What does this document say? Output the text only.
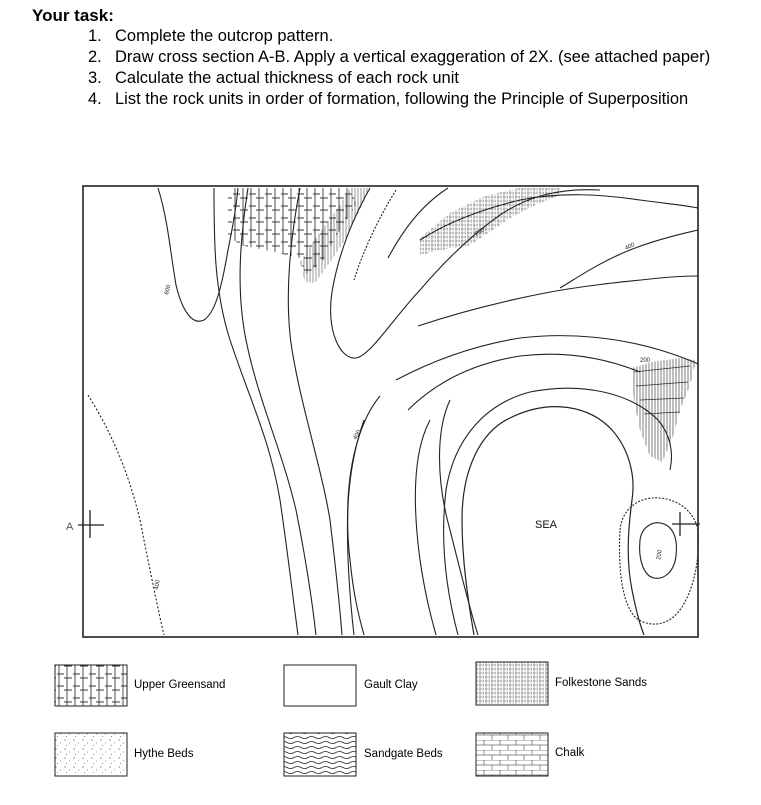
Your task:
1. Complete the outcrop pattern.
2. Draw cross section A-B. Apply a vertical exaggeration of 2X. (see attached paper)
3. Calculate the actual thickness of each rock unit
4. List the rock units in order of formation, following the Principle of Superposition
600
400
400
400
200
200
200
A	SEA
Upper Greensand	Gault Clay	Folkestone Sands
Hythe Beds	Sandgate Beds	Chalk
